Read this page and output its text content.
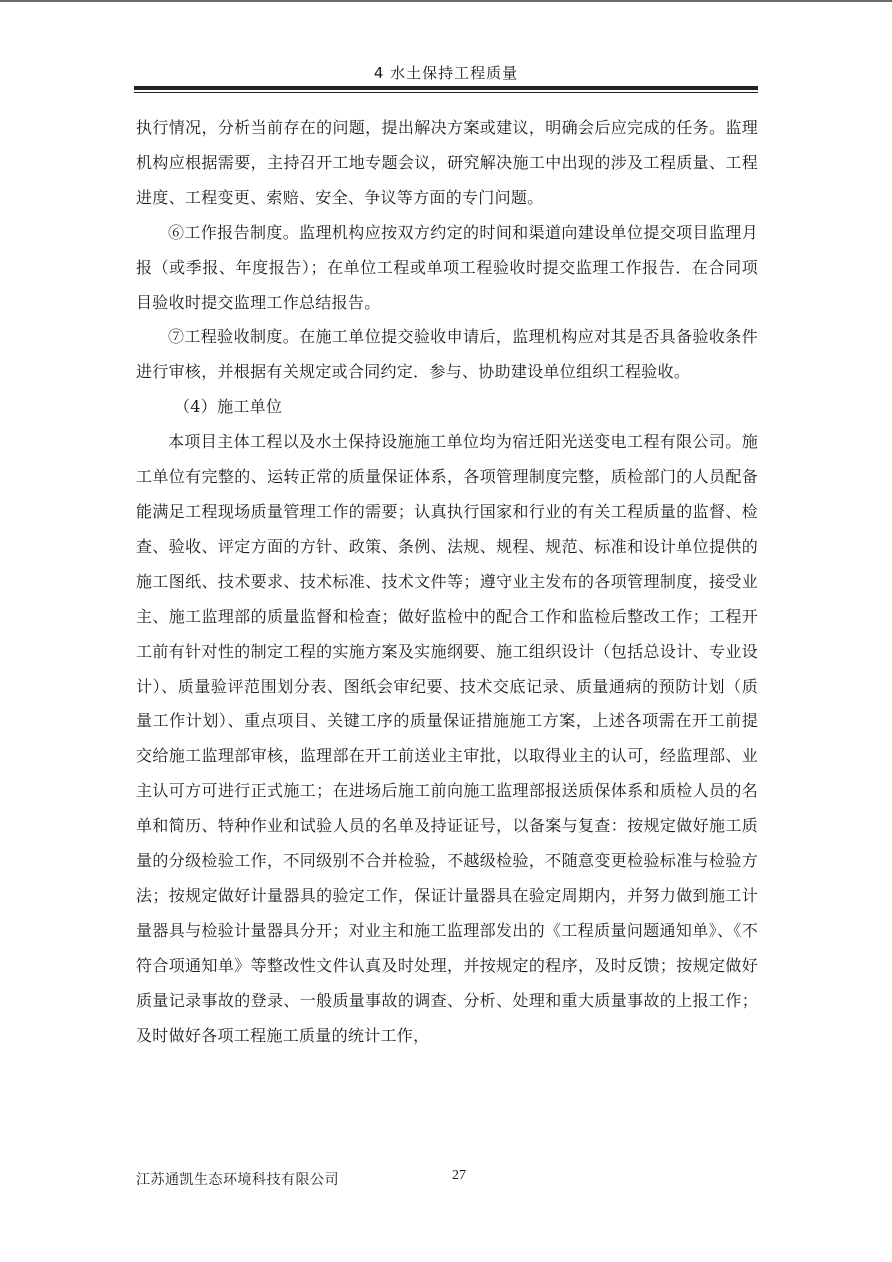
4 水土保持工程质量

执行情况，分析当前存在的问题，提出解决方案或建议，明确会后应完成的任务。监理机构应根据需要，主持召开工地专题会议，研究解决施工中出现的涉及工程质量、工程进度、工程变更、索赔、安全、争议等方面的专门问题。

⑥工作报告制度。监理机构应按双方约定的时间和渠道向建设单位提交项目监理月报（或季报、年度报告）；在单位工程或单项工程验收时提交监理工作报告．在合同项目验收时提交监理工作总结报告。

⑦工程验收制度。在施工单位提交验收申请后，监理机构应对其是否具备验收条件进行审核，并根据有关规定或合同约定．参与、协助建设单位组织工程验收。

（4）施工单位

本项目主体工程以及水土保持设施施工单位均为宿迁阳光送变电工程有限公司。施工单位有完整的、运转正常的质量保证体系，各项管理制度完整，质检部门的人员配备能满足工程现场质量管理工作的需要；认真执行国家和行业的有关工程质量的监督、检查、验收、评定方面的方针、政策、条例、法规、规程、规范、标准和设计单位提供的施工图纸、技术要求、技术标准、技术文件等；遵守业主发布的各项管理制度，接受业主、施工监理部的质量监督和检查；做好监检中的配合工作和监检后整改工作；工程开工前有针对性的制定工程的实施方案及实施纲要、施工组织设计（包括总设计、专业设计）、质量验评范围划分表、图纸会审纪要、技术交底记录、质量通病的预防计划（质量工作计划）、重点项目、关键工序的质量保证措施施工方案，上述各项需在开工前提交给施工监理部审核，监理部在开工前送业主审批，以取得业主的认可，经监理部、业主认可方可进行正式施工；在进场后施工前向施工监理部报送质保体系和质检人员的名单和简历、特种作业和试验人员的名单及持证证号，以备案与复查：按规定做好施工质量的分级检验工作，不同级别不合并检验，不越级检验，不随意变更检验标准与检验方法；按规定做好计量器具的验定工作，保证计量器具在验定周期内，并努力做到施工计量器具与检验计量器具分开；对业主和施工监理部发出的《工程质量问题通知单》、《不符合项通知单》等整改性文件认真及时处理，并按规定的程序，及时反馈；按规定做好质量记录事故的登录、一般质量事故的调查、分析、处理和重大质量事故的上报工作；及时做好各项工程施工质量的统计工作，

江苏通凯生态环境科技有限公司	27
